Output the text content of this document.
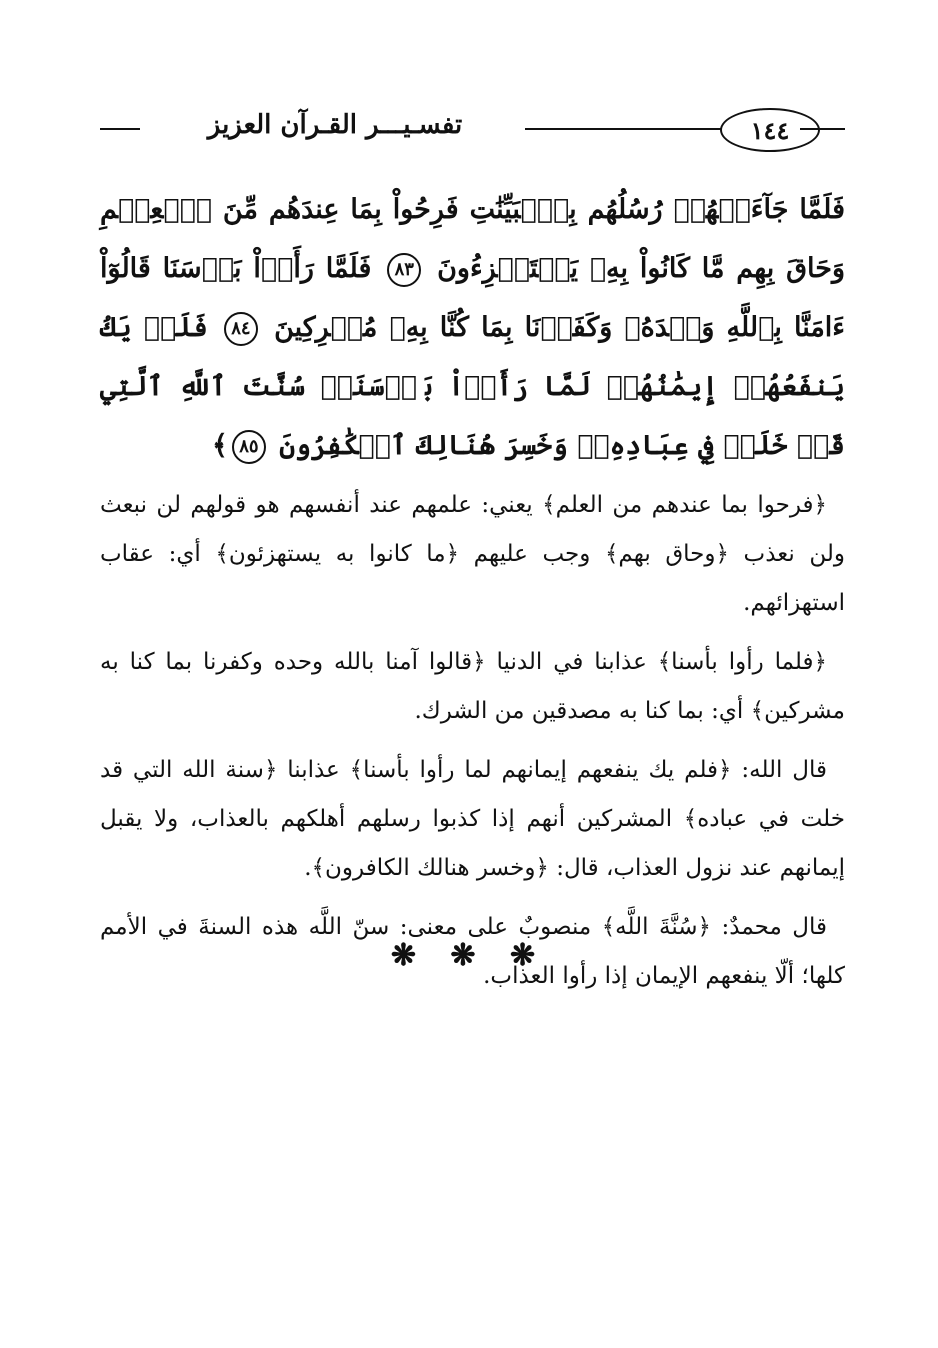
تفسـيـــر القـرآن العزيز	١٤٤
فَلَمَّا جَآءَتۡهُمۡ رُسُلُهُم بِٱلۡبَيِّنَٰتِ فَرِحُواْ بِمَا عِندَهُم مِّنَ ٱلۡعِلۡمِ وَحَاقَ بِهِم مَّا كَانُواْ بِهِۦ يَسۡتَهۡزِءُونَ ٨٣ فَلَمَّا رَأَوۡاْ بَأۡسَنَا قَالُوٓاْ ءَامَنَّا بِٱللَّهِ وَحۡدَهُۥ وَكَفَرۡنَا بِمَا كُنَّا بِهِۦ مُشۡرِكِينَ ٨٤ فَلَمۡ يَكُ يَنفَعُهُمۡ إِيمَٰنُهُمۡ لَمَّا رَأَوۡاْ بَأۡسَنَاۖ سُنَّتَ ٱللَّهِ ٱلَّتِي قَدۡ خَلَتۡ فِي عِبَادِهِۦۖ وَخَسِرَ هُنَالِكَ ٱلۡكَٰفِرُونَ ٨٥﴾

﴿فرحوا بما عندهم من العلم﴾ يعني: علمهم عند أنفسهم هو قولهم لن نبعث ولن نعذب ﴿وحاق بهم﴾ وجب عليهم ﴿ما كانوا به يستهزئون﴾ أي: عقاب استهزائهم.

﴿فلما رأوا بأسنا﴾ عذابنا في الدنيا ﴿قالوا آمنا بالله وحده وكفرنا بما كنا به مشركين﴾ أي: بما كنا به مصدقين من الشرك.

قال الله: ﴿فلم يك ينفعهم إيمانهم لما رأوا بأسنا﴾ عذابنا ﴿سنة الله التي قد خلت في عباده﴾ المشركين أنهم إذا كذبوا رسلهم أهلكهم بالعذاب، ولا يقبل إيمانهم عند نزول العذاب، قال: ﴿وخسر هنالك الكافرون﴾.

قال محمدٌ: ﴿سُنَّةَ اللَّه﴾ منصوبٌ على معنى: سنّ اللَّه هذه السنةَ في الأمم كلها؛ ألّا ينفعهم الإيمان إذا رأوا العذاب.

❋ ❋ ❋
